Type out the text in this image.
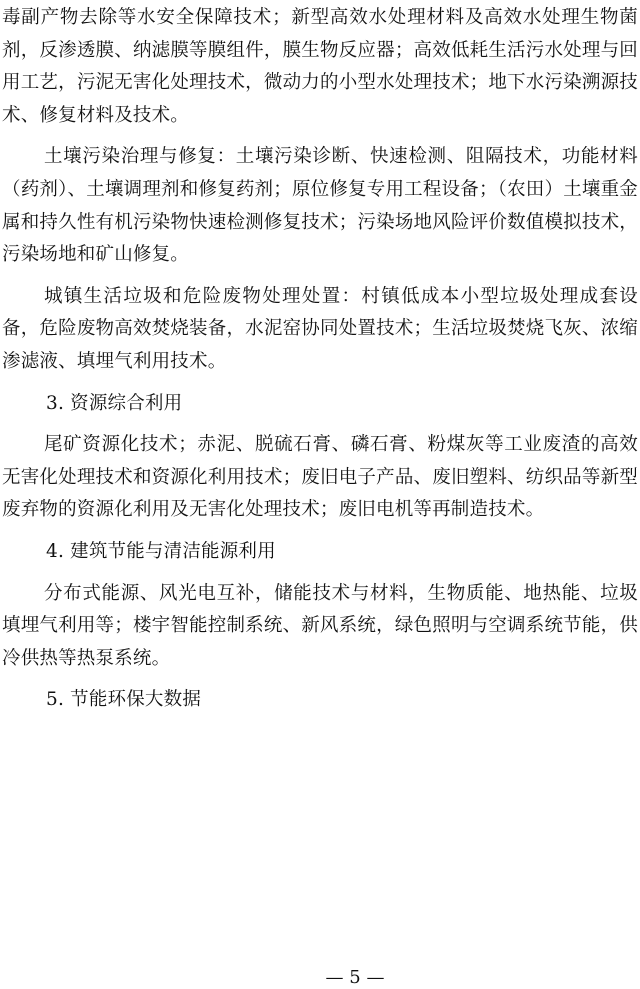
毒副产物去除等水安全保障技术；新型高效水处理材料及高效水处理生物菌剂，反渗透膜、纳滤膜等膜组件，膜生物反应器；高效低耗生活污水处理与回用工艺，污泥无害化处理技术，微动力的小型水处理技术；地下水污染溯源技术、修复材料及技术。

土壤污染治理与修复：土壤污染诊断、快速检测、阻隔技术，功能材料（药剂）、土壤调理剂和修复药剂；原位修复专用工程设备；（农田）土壤重金属和持久性有机污染物快速检测修复技术；污染场地风险评价数值模拟技术，污染场地和矿山修复。

城镇生活垃圾和危险废物处理处置：村镇低成本小型垃圾处理成套设备，危险废物高效焚烧装备，水泥窑协同处置技术；生活垃圾焚烧飞灰、浓缩渗滤液、填埋气利用技术。

3. 资源综合利用

尾矿资源化技术；赤泥、脱硫石膏、磷石膏、粉煤灰等工业废渣的高效无害化处理技术和资源化利用技术；废旧电子产品、废旧塑料、纺织品等新型废弃物的资源化利用及无害化处理技术；废旧电机等再制造技术。

4. 建筑节能与清洁能源利用

分布式能源、风光电互补，储能技术与材料，生物质能、地热能、垃圾填埋气利用等；楼宇智能控制系统、新风系统，绿色照明与空调系统节能，供冷供热等热泵系统。

5. 节能环保大数据

— 5 —
